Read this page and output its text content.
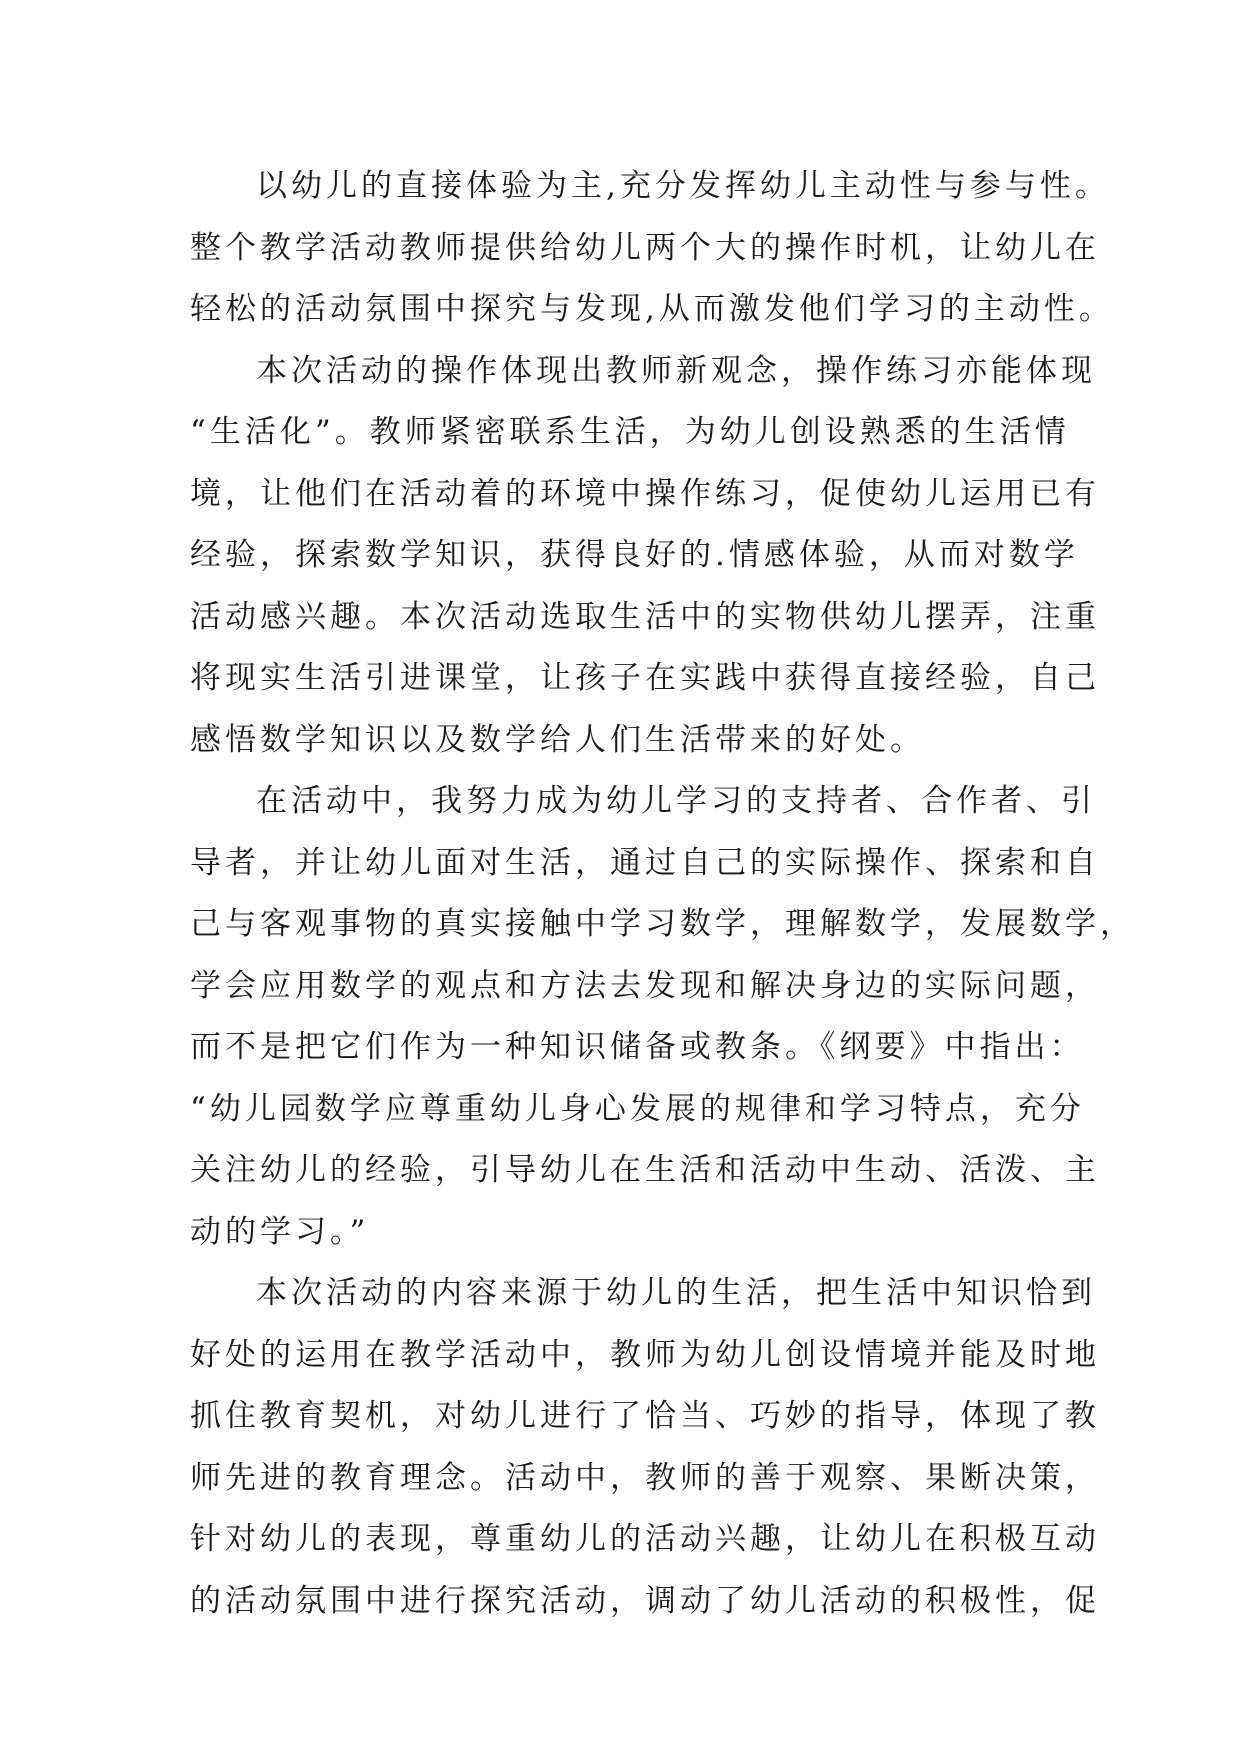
以幼儿的直接体验为主,充分发挥幼儿主动性与参与性。
整个教学活动教师提供给幼儿两个大的操作时机，让幼儿在
轻松的活动氛围中探究与发现,从而激发他们学习的主动性。
本次活动的操作体现出教师新观念，操作练习亦能体现
“生活化”。教师紧密联系生活，为幼儿创设熟悉的生活情
境，让他们在活动着的环境中操作练习，促使幼儿运用已有
经验，探索数学知识，获得良好的.情感体验，从而对数学
活动感兴趣。本次活动选取生活中的实物供幼儿摆弄，注重
将现实生活引进课堂，让孩子在实践中获得直接经验，自己
感悟数学知识以及数学给人们生活带来的好处。
在活动中，我努力成为幼儿学习的支持者、合作者、引
导者，并让幼儿面对生活，通过自己的实际操作、探索和自
己与客观事物的真实接触中学习数学，理解数学，发展数学，
学会应用数学的观点和方法去发现和解决身边的实际问题，
而不是把它们作为一种知识储备或教条。《纲要》中指出：
“幼儿园数学应尊重幼儿身心发展的规律和学习特点，充分
关注幼儿的经验，引导幼儿在生活和活动中生动、活泼、主
动的学习。”
本次活动的内容来源于幼儿的生活，把生活中知识恰到
好处的运用在教学活动中，教师为幼儿创设情境并能及时地
抓住教育契机，对幼儿进行了恰当、巧妙的指导，体现了教
师先进的教育理念。活动中，教师的善于观察、果断决策，
针对幼儿的表现，尊重幼儿的活动兴趣，让幼儿在积极互动
的活动氛围中进行探究活动，调动了幼儿活动的积极性，促
